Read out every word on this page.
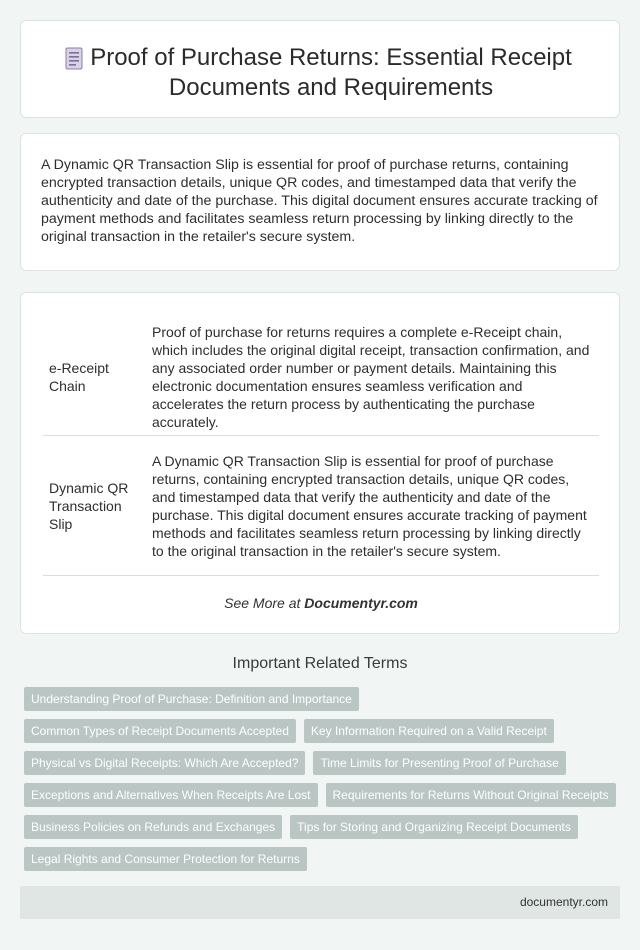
Proof of Purchase Returns: Essential Receipt Documents and Requirements

A Dynamic QR Transaction Slip is essential for proof of purchase returns, containing encrypted transaction details, unique QR codes, and timestamped data that verify the authenticity and date of the purchase. This digital document ensures accurate tracking of payment methods and facilitates seamless return processing by linking directly to the original transaction in the retailer's secure system.

e-Receipt Chain	Proof of purchase for returns requires a complete e-Receipt chain, which includes the original digital receipt, transaction confirmation, and any associated order number or payment details. Maintaining this electronic documentation ensures seamless verification and accelerates the return process by authenticating the purchase accurately.
Dynamic QR Transaction Slip	A Dynamic QR Transaction Slip is essential for proof of purchase returns, containing encrypted transaction details, unique QR codes, and timestamped data that verify the authenticity and date of the purchase. This digital document ensures accurate tracking of payment methods and facilitates seamless return processing by linking directly to the original transaction in the retailer's secure system.
See More at Documentyr.com
Important Related Terms
Understanding Proof of Purchase: Definition and Importance
Common Types of Receipt Documents Accepted	Key Information Required on a Valid Receipt
Physical vs Digital Receipts: Which Are Accepted?	Time Limits for Presenting Proof of Purchase
Exceptions and Alternatives When Receipts Are Lost	Requirements for Returns Without Original Receipts
Business Policies on Refunds and Exchanges	Tips for Storing and Organizing Receipt Documents
Legal Rights and Consumer Protection for Returns
documentyr.com
